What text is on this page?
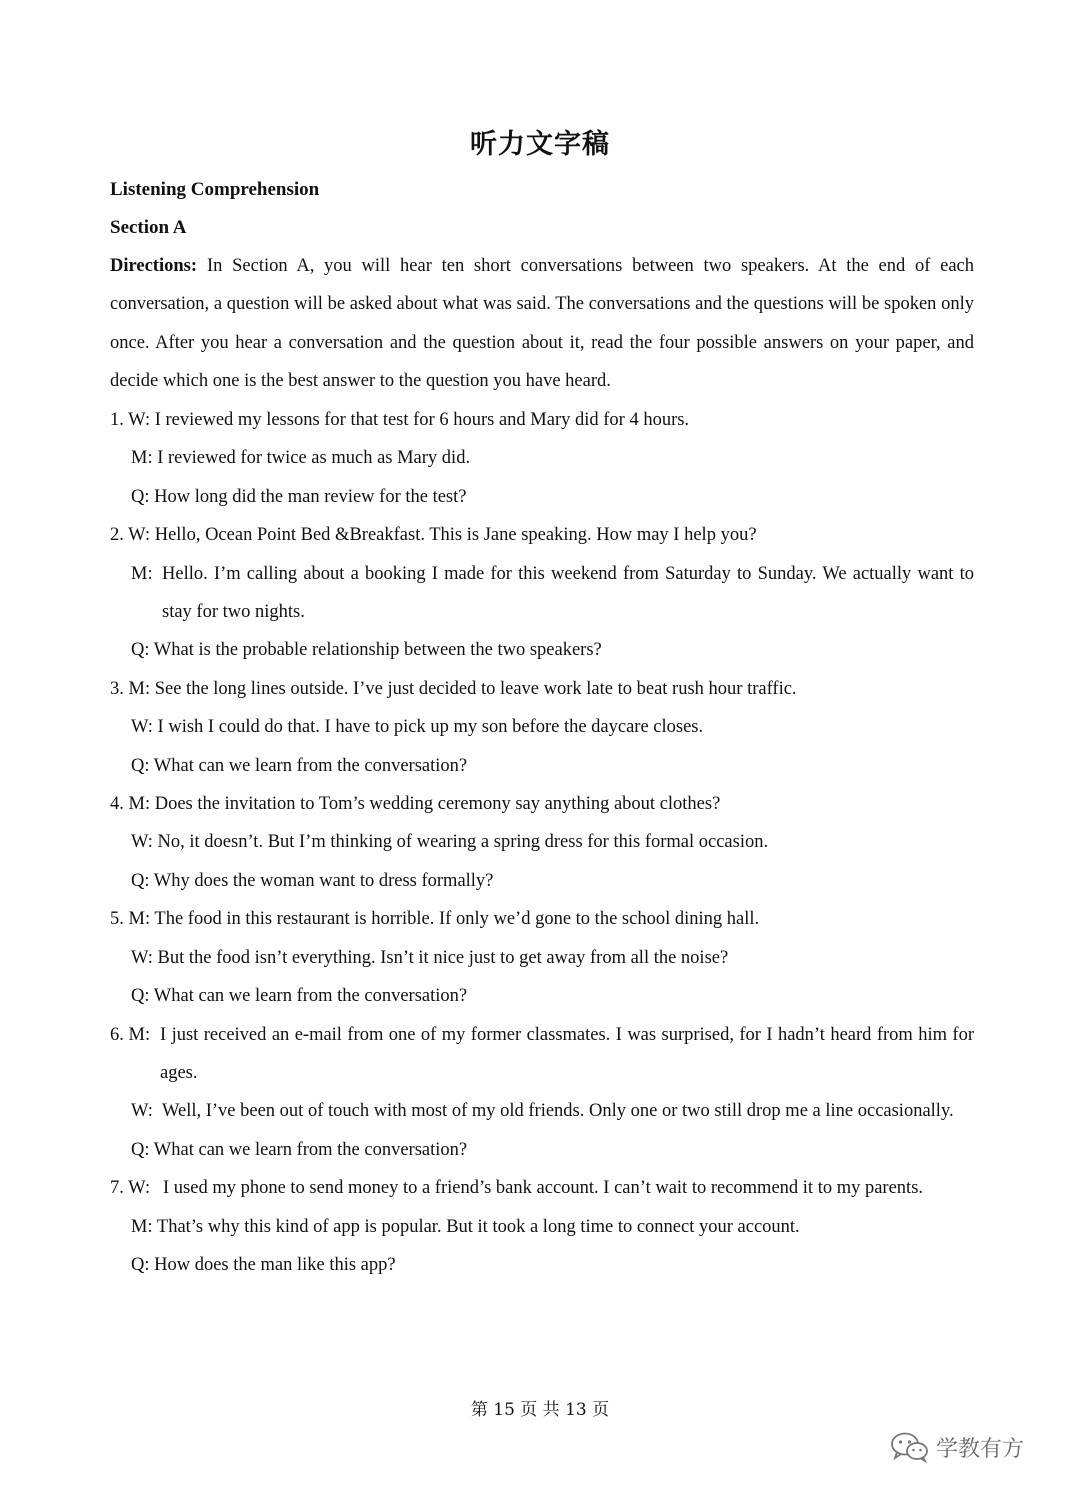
听力文字稿
Listening Comprehension
Section A
Directions: In Section A, you will hear ten short conversations between two speakers. At the end of each conversation, a question will be asked about what was said. The conversations and the questions will be spoken only once. After you hear a conversation and the question about it, read the four possible answers on your paper, and decide which one is the best answer to the question you have heard.
1. W: I reviewed my lessons for that test for 6 hours and Mary did for 4 hours.
M: I reviewed for twice as much as Mary did.
Q: How long did the man review for the test?
2. W: Hello, Ocean Point Bed &Breakfast. This is Jane speaking. How may I help you?
M: Hello. I’m calling about a booking I made for this weekend from Saturday to Sunday. We actually want to stay for two nights.
Q: What is the probable relationship between the two speakers?
3. M: See the long lines outside. I’ve just decided to leave work late to beat rush hour traffic.
W: I wish I could do that. I have to pick up my son before the daycare closes.
Q: What can we learn from the conversation?
4. M: Does the invitation to Tom’s wedding ceremony say anything about clothes?
W: No, it doesn’t. But I’m thinking of wearing a spring dress for this formal occasion.
Q: Why does the woman want to dress formally?
5. M: The food in this restaurant is horrible. If only we’d gone to the school dining hall.
W: But the food isn’t everything. Isn’t it nice just to get away from all the noise?
Q: What can we learn from the conversation?
6. M: I just received an e-mail from one of my former classmates. I was surprised, for I hadn’t heard from him for ages.
W: Well, I’ve been out of touch with most of my old friends. Only one or two still drop me a line occasionally.
Q: What can we learn from the conversation?
7. W: I used my phone to send money to a friend’s bank account. I can’t wait to recommend it to my parents.
M: That’s why this kind of app is popular. But it took a long time to connect your account.
Q: How does the man like this app?
第 15 页 共 13 页
学教有方
